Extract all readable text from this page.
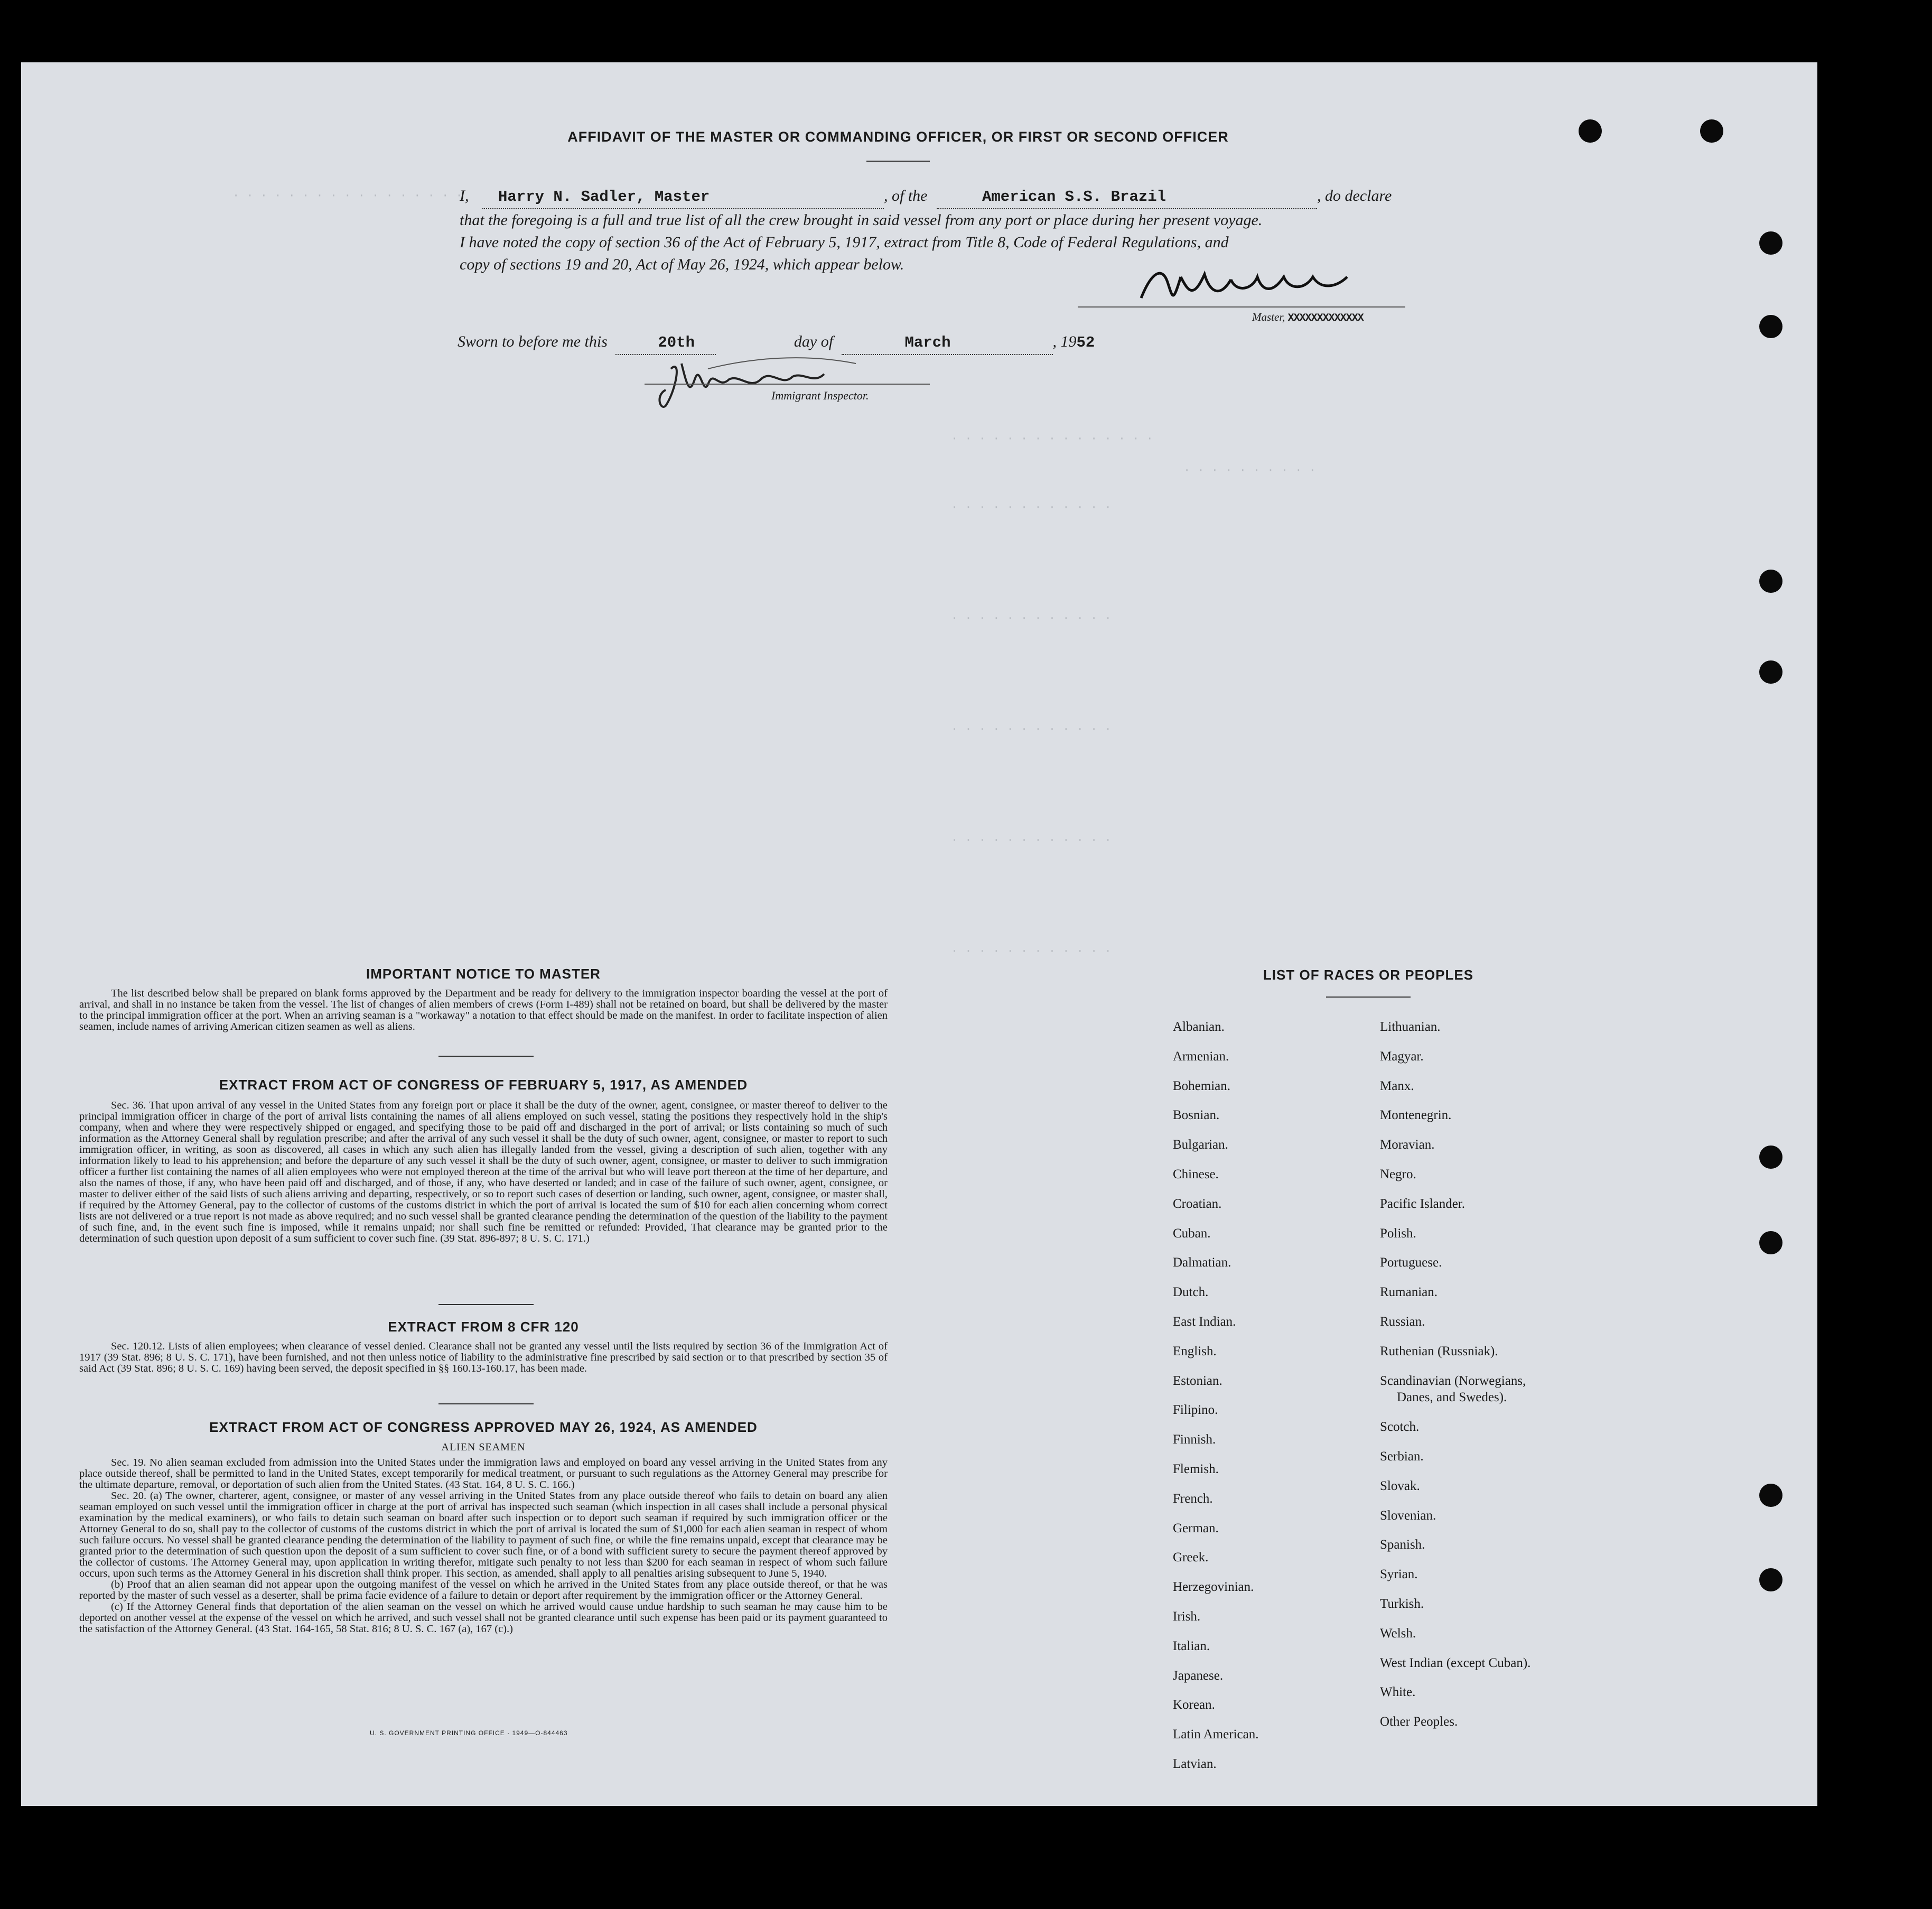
· · · · · · · · · · · · · · · · ·
· · · · · · · · · · · · · · ·
· · · · · · · · · ·
· · · · · · · · · · · ·
· · · · · · · · · · · ·
· · · · · · · · · · · ·
· · · · · · · · · · · ·
· · · · · · · · · · · ·
AFFIDAVIT OF THE MASTER OR COMMANDING OFFICER, OR FIRST OR SECOND OFFICER
I, Harry N. Sadler, Master	, of the	American S.S. Brazil	, do declare
that the foregoing is a full and true list of all the crew brought in said vessel from any port or place during her present voyage.
I have noted the copy of section 36 of the Act of February 5, 1917, extract from Title 8, Code of Federal Regulations, and
copy of sections 19 and 20, Act of May 26, 1924, which appear below.
Master, XXXXXXXXXXXXX
Sworn to before me this	20th	day of	March	, 1952
Immigrant Inspector.
IMPORTANT NOTICE TO MASTER
The list described below shall be prepared on blank forms approved by the Department and be ready for delivery to the immigration inspector boarding the vessel at the port of arrival, and shall in no instance be taken from the vessel. The list of changes of alien members of crews (Form I-489) shall not be retained on board, but shall be delivered by the master to the principal immigration officer at the port. When an arriving seaman is a "workaway" a notation to that effect should be made on the manifest. In order to facilitate inspection of alien seamen, include names of arriving American citizen seamen as well as aliens.
EXTRACT FROM ACT OF CONGRESS OF FEBRUARY 5, 1917, AS AMENDED
Sec. 36. That upon arrival of any vessel in the United States from any foreign port or place it shall be the duty of the owner, agent, consignee, or master thereof to deliver to the principal immigration officer in charge of the port of arrival lists containing the names of all aliens employed on such vessel, stating the positions they respectively hold in the ship's company, when and where they were respectively shipped or engaged, and specifying those to be paid off and discharged in the port of arrival; or lists containing so much of such information as the Attorney General shall by regulation prescribe; and after the arrival of any such vessel it shall be the duty of such owner, agent, consignee, or master to report to such immigration officer, in writing, as soon as discovered, all cases in which any such alien has illegally landed from the vessel, giving a description of such alien, together with any information likely to lead to his apprehension; and before the departure of any such vessel it shall be the duty of such owner, agent, consignee, or master to deliver to such immigration officer a further list containing the names of all alien employees who were not employed thereon at the time of the arrival but who will leave port thereon at the time of her departure, and also the names of those, if any, who have been paid off and discharged, and of those, if any, who have deserted or landed; and in case of the failure of such owner, agent, consignee, or master to deliver either of the said lists of such aliens arriving and departing, respectively, or so to report such cases of desertion or landing, such owner, agent, consignee, or master shall, if required by the Attorney General, pay to the collector of customs of the customs district in which the port of arrival is located the sum of $10 for each alien concerning whom correct lists are not delivered or a true report is not made as above required; and no such vessel shall be granted clearance pending the determination of the question of the liability to the payment of such fine, and, in the event such fine is imposed, while it remains unpaid; nor shall such fine be remitted or refunded: Provided, That clearance may be granted prior to the determination of such question upon deposit of a sum sufficient to cover such fine. (39 Stat. 896-897; 8 U. S. C. 171.)
EXTRACT FROM 8 CFR 120
Sec. 120.12. Lists of alien employees; when clearance of vessel denied. Clearance shall not be granted any vessel until the lists required by section 36 of the Immigration Act of 1917 (39 Stat. 896; 8 U. S. C. 171), have been furnished, and not then unless notice of liability to the administrative fine prescribed by said section or to that prescribed by section 35 of said Act (39 Stat. 896; 8 U. S. C. 169) having been served, the deposit specified in §§ 160.13-160.17, has been made.
EXTRACT FROM ACT OF CONGRESS APPROVED MAY 26, 1924, AS AMENDED
ALIEN SEAMEN
Sec. 19. No alien seaman excluded from admission into the United States under the immigration laws and employed on board any vessel arriving in the United States from any place outside thereof, shall be permitted to land in the United States, except temporarily for medical treatment, or pursuant to such regulations as the Attorney General may prescribe for the ultimate departure, removal, or deportation of such alien from the United States. (43 Stat. 164, 8 U. S. C. 166.)
Sec. 20. (a) The owner, charterer, agent, consignee, or master of any vessel arriving in the United States from any place outside thereof who fails to detain on board any alien seaman employed on such vessel until the immigration officer in charge at the port of arrival has inspected such seaman (which inspection in all cases shall include a personal physical examination by the medical examiners), or who fails to detain such seaman on board after such inspection or to deport such seaman if required by such immigration officer or the Attorney General to do so, shall pay to the collector of customs of the customs district in which the port of arrival is located the sum of $1,000 for each alien seaman in respect of whom such failure occurs. No vessel shall be granted clearance pending the determination of the liability to payment of such fine, or while the fine remains unpaid, except that clearance may be granted prior to the determination of such question upon the deposit of a sum sufficient to cover such fine, or of a bond with sufficient surety to secure the payment thereof approved by the collector of customs. The Attorney General may, upon application in writing therefor, mitigate such penalty to not less than $200 for each seaman in respect of whom such failure occurs, upon such terms as the Attorney General in his discretion shall think proper. This section, as amended, shall apply to all penalties arising subsequent to June 5, 1940.
(b) Proof that an alien seaman did not appear upon the outgoing manifest of the vessel on which he arrived in the United States from any place outside thereof, or that he was reported by the master of such vessel as a deserter, shall be prima facie evidence of a failure to detain or deport after requirement by the immigration officer or the Attorney General.
(c) If the Attorney General finds that deportation of the alien seaman on the vessel on which he arrived would cause undue hardship to such seaman he may cause him to be deported on another vessel at the expense of the vessel on which he arrived, and such vessel shall not be granted clearance until such expense has been paid or its payment guaranteed to the satisfaction of the Attorney General. (43 Stat. 164-165, 58 Stat. 816; 8 U. S. C. 167 (a), 167 (c).)
U. S. GOVERNMENT PRINTING OFFICE · 1949—O-844463
LIST OF RACES OR PEOPLES
Albanian.
Armenian.
Bohemian.
Bosnian.
Bulgarian.
Chinese.
Croatian.
Cuban.
Dalmatian.
Dutch.
East Indian.
English.
Estonian.
Filipino.
Finnish.
Flemish.
French.
German.
Greek.
Herzegovinian.
Irish.
Italian.
Japanese.
Korean.
Latin American.
Latvian.
Lithuanian.
Magyar.
Manx.
Montenegrin.
Moravian.
Negro.
Pacific Islander.
Polish.
Portuguese.
Rumanian.
Russian.
Ruthenian (Russniak).
Scandinavian (Norwegians,
Danes, and Swedes).
Scotch.
Serbian.
Slovak.
Slovenian.
Spanish.
Syrian.
Turkish.
Welsh.
West Indian (except Cuban).
White.
Other Peoples.
